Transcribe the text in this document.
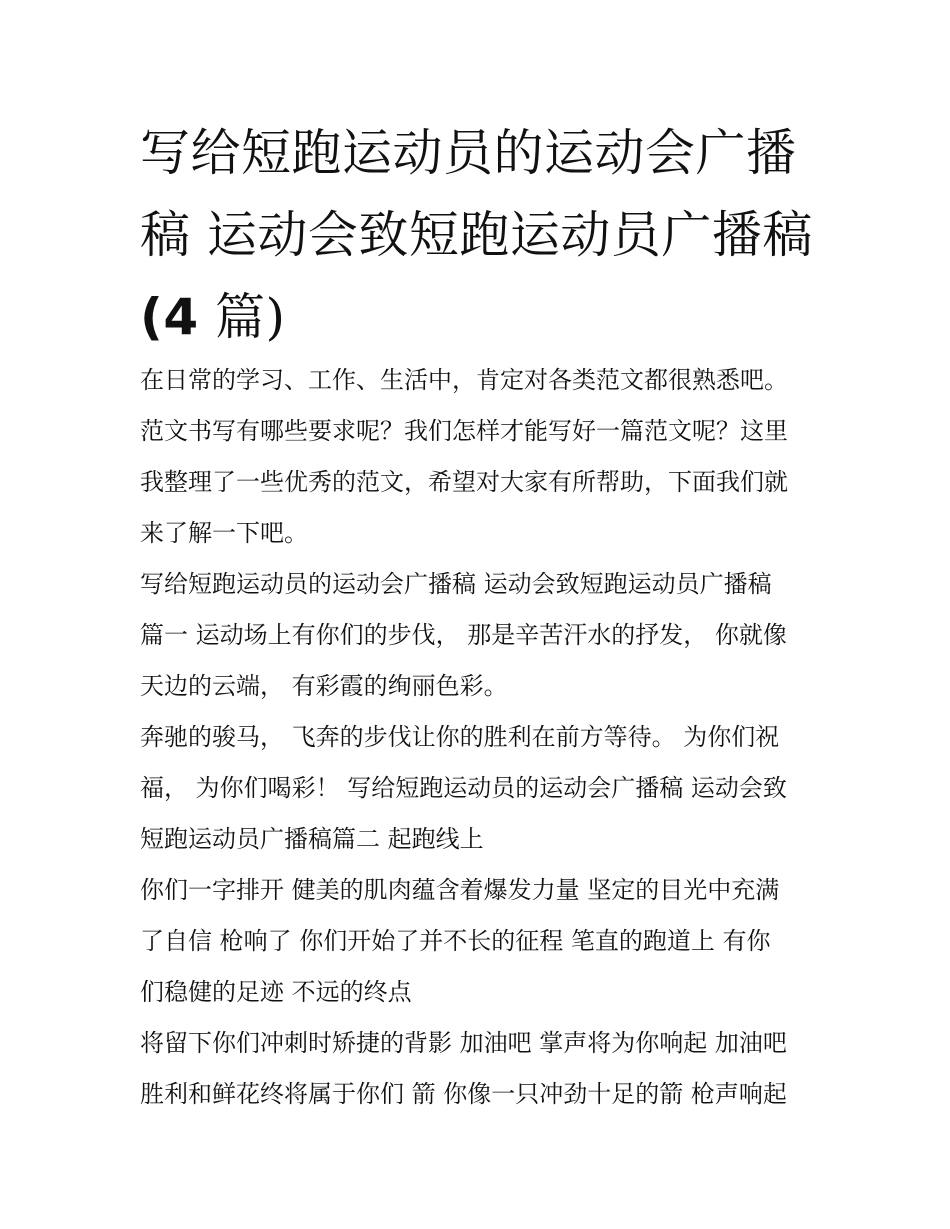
写给短跑运动员的运动会广播
稿 运动会致短跑运动员广播稿
(4 篇)
在日常的学习、工作、生活中，肯定对各类范文都很熟悉吧。
范文书写有哪些要求呢？我们怎样才能写好一篇范文呢？这里
我整理了一些优秀的范文，希望对大家有所帮助，下面我们就
来了解一下吧。
写给短跑运动员的运动会广播稿 运动会致短跑运动员广播稿
篇一 运动场上有你们的步伐， 那是辛苦汗水的抒发， 你就像
天边的云端， 有彩霞的绚丽色彩。
奔驰的骏马， 飞奔的步伐让你的胜利在前方等待。 为你们祝
福， 为你们喝彩！ 写给短跑运动员的运动会广播稿 运动会致
短跑运动员广播稿篇二 起跑线上
你们一字排开 健美的肌肉蕴含着爆发力量 坚定的目光中充满
了自信 枪响了 你们开始了并不长的征程 笔直的跑道上 有你
们稳健的足迹 不远的终点
将留下你们冲刺时矫捷的背影 加油吧 掌声将为你响起 加油吧
胜利和鲜花终将属于你们 箭 你像一只冲劲十足的箭 枪声响起
